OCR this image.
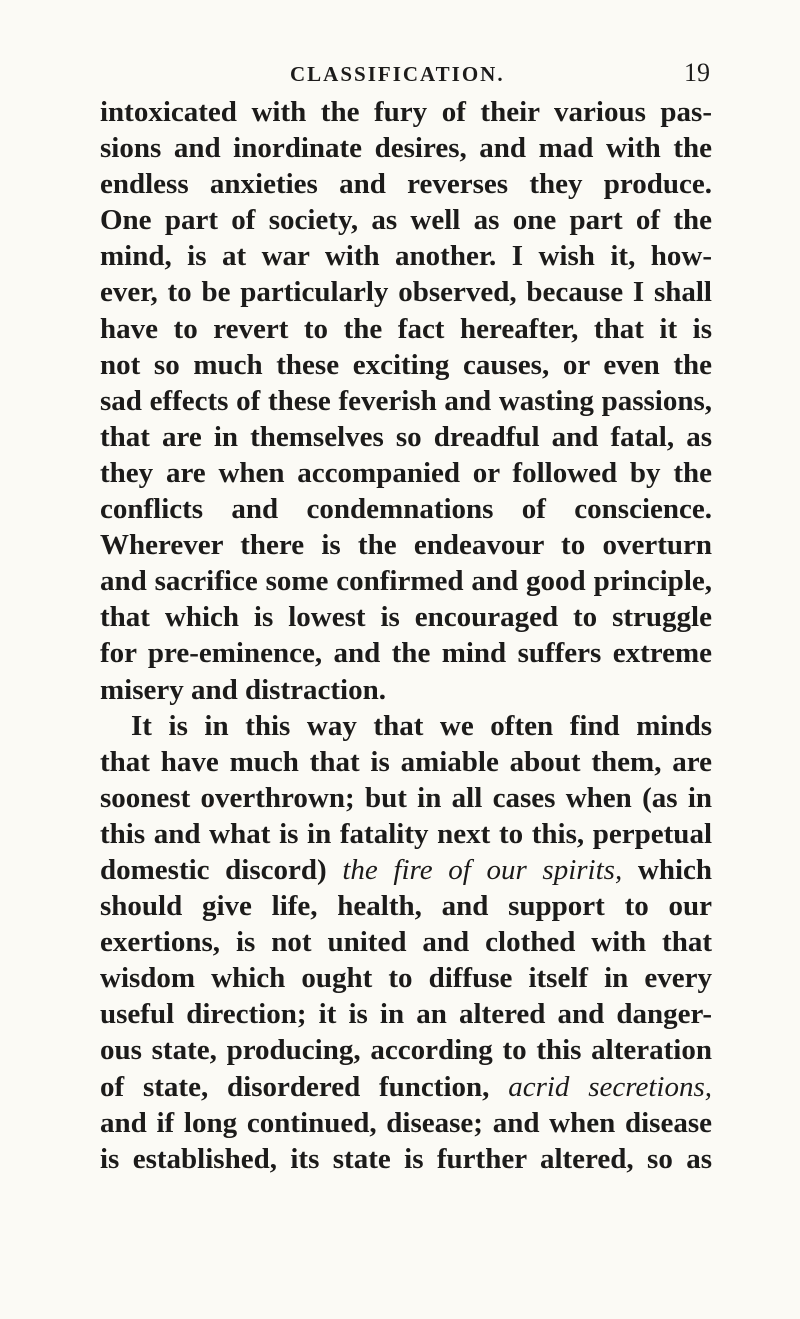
CLASSIFICATION.	19
intoxicated with the fury of their various pas-
sions and inordinate desires, and mad with the
endless anxieties and reverses they produce.
One part of society, as well as one part of the
mind, is at war with another. I wish it, how-
ever, to be particularly observed, because I shall
have to revert to the fact hereafter, that it is
not so much these exciting causes, or even the
sad effects of these feverish and wasting passions,
that are in themselves so dreadful and fatal, as
they are when accompanied or followed by the
conflicts and condemnations of conscience.
Wherever there is the endeavour to overturn
and sacrifice some confirmed and good principle,
that which is lowest is encouraged to struggle
for pre-eminence, and the mind suffers extreme
misery and distraction.
It is in this way that we often find minds
that have much that is amiable about them, are
soonest overthrown; but in all cases when (as in
this and what is in fatality next to this, perpetual
domestic discord) the fire of our spirits, which
should give life, health, and support to our
exertions, is not united and clothed with that
wisdom which ought to diffuse itself in every
useful direction; it is in an altered and danger-
ous state, producing, according to this alteration
of state, disordered function, acrid secretions,
and if long continued, disease; and when disease
is established, its state is further altered, so as
